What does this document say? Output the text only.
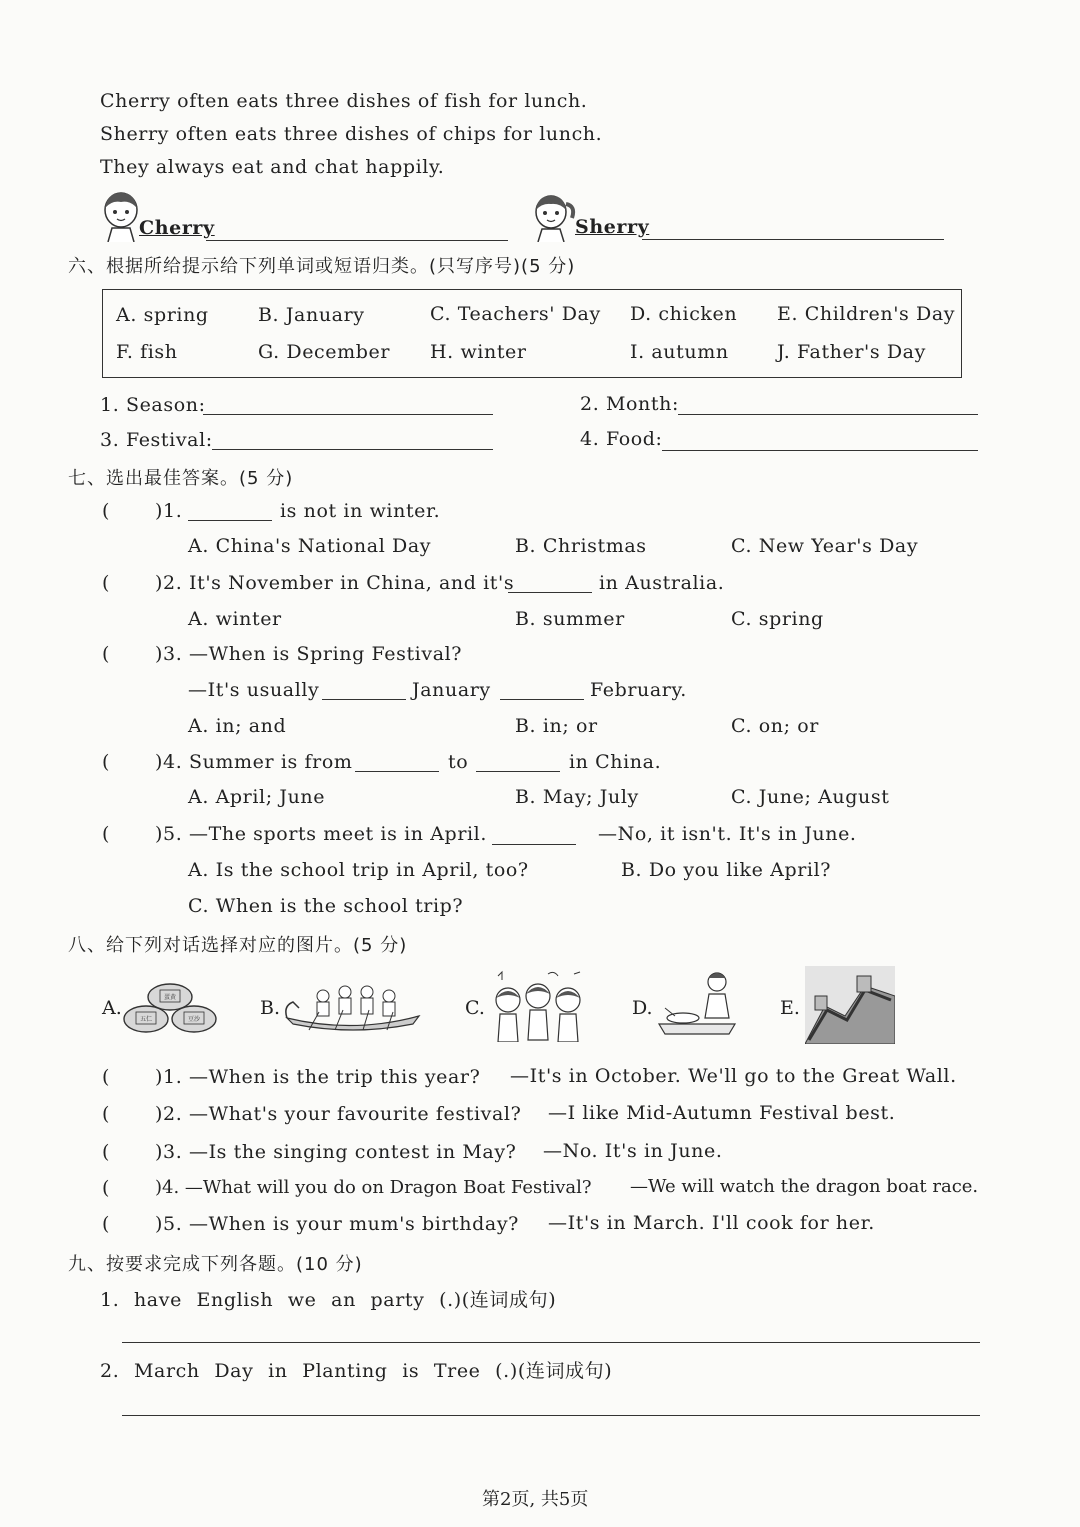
Cherry often eats three dishes of fish for lunch.
Sherry often eats three dishes of chips for lunch.
They always eat and chat happily.
Cherry	Sherry
六、根据所给提示给下列单词或短语归类。(只写序号)(5 分)
A. spring	B. January	C. Teachers' Day D. chicken E. Children's Day
F. fish	G. December H. winter	I. autumn	J. Father's Day
1. Season:	2. Month:
3. Festival:	4. Food:
七、选出最佳答案。(5 分)
( )1.	is not in winter.
A. China's National Day	B. Christmas	C. New Year's Day
( )2. It's November in China, and it's	in Australia.
A. winter	B. summer	C. spring
( )3. —When is Spring Festival?
—It's usually	January	February.
A. in; and	B. in; or	C. on; or
( )4. Summer is from	to	in China.
A. April; June	B. May; July	C. June; August
( )5. —The sports meet is in April.	—No, it isn't. It's in June.
A. Is the school trip in April, too?	B. Do you like April?
C. When is the school trip?
八、给下列对话选择对应的图片。(5 分)
A.	蛋黄
五仁	豆沙
B.	C.	D.	E.
( )1. —When is the trip this year? —It's in October. We'll go to the Great Wall.
( )2. —What's your favourite festival? —I like Mid-Autumn Festival best.
( )3. —Is the singing contest in May? —No. It's in June.
(	)4. —What will you do on Dragon Boat Festival? —We will watch the dragon boat race.
( )5. —When is your mum's birthday? —It's in March. I'll cook for her.
九、按要求完成下列各题。(10 分)
1. have English we an party (.)(连词成句)
2. March Day in Planting is Tree (.)(连词成句)
第2页, 共5页
